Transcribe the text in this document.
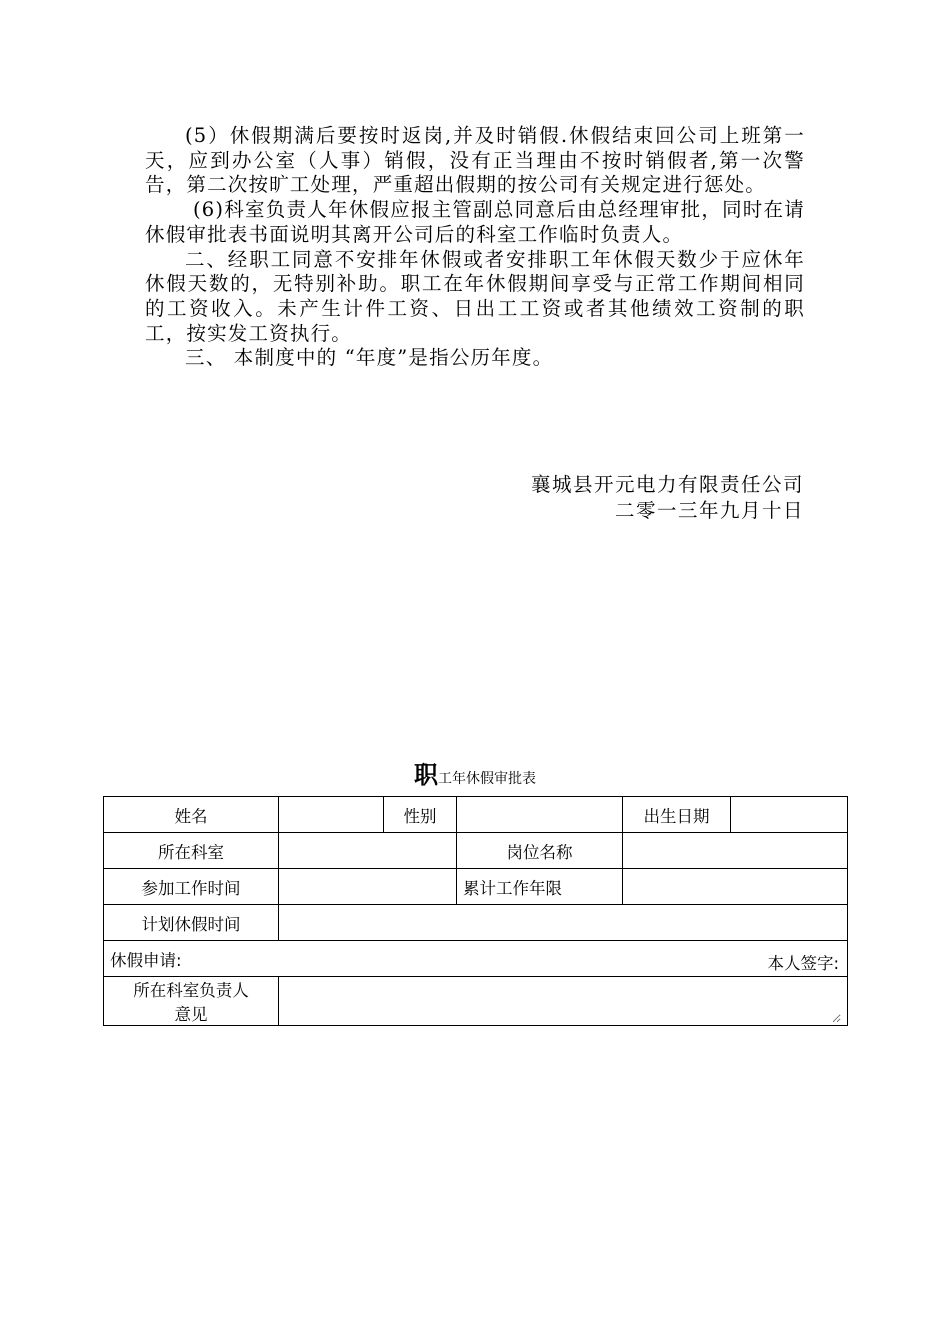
(5）休假期满后要按时返岗,并及时销假.休假结束回公司上班第一天，应到办公室（人事）销假，没有正当理由不按时销假者,第一次警告，第二次按旷工处理，严重超出假期的按公司有关规定进行惩处。

(6)科室负责人年休假应报主管副总同意后由总经理审批，同时在请休假审批表书面说明其离开公司后的科室工作临时负责人。

二、经职工同意不安排年休假或者安排职工年休假天数少于应休年休假天数的，无特别补助。职工在年休假期间享受与正常工作期间相同的工资收入。未产生计件工资、日出工工资或者其他绩效工资制的职工，按实发工资执行。

三、 本制度中的 “年度”是指公历年度。

襄城县开元电力有限责任公司
二零一三年九月十日
职工年休假审批表
姓名		性别		出生日期	
所在科室			岗位名称	
参加工作时间			累计工作年限	
计划休假时间	

休假申请: 本人签字:					

所在科室负责人
意见
